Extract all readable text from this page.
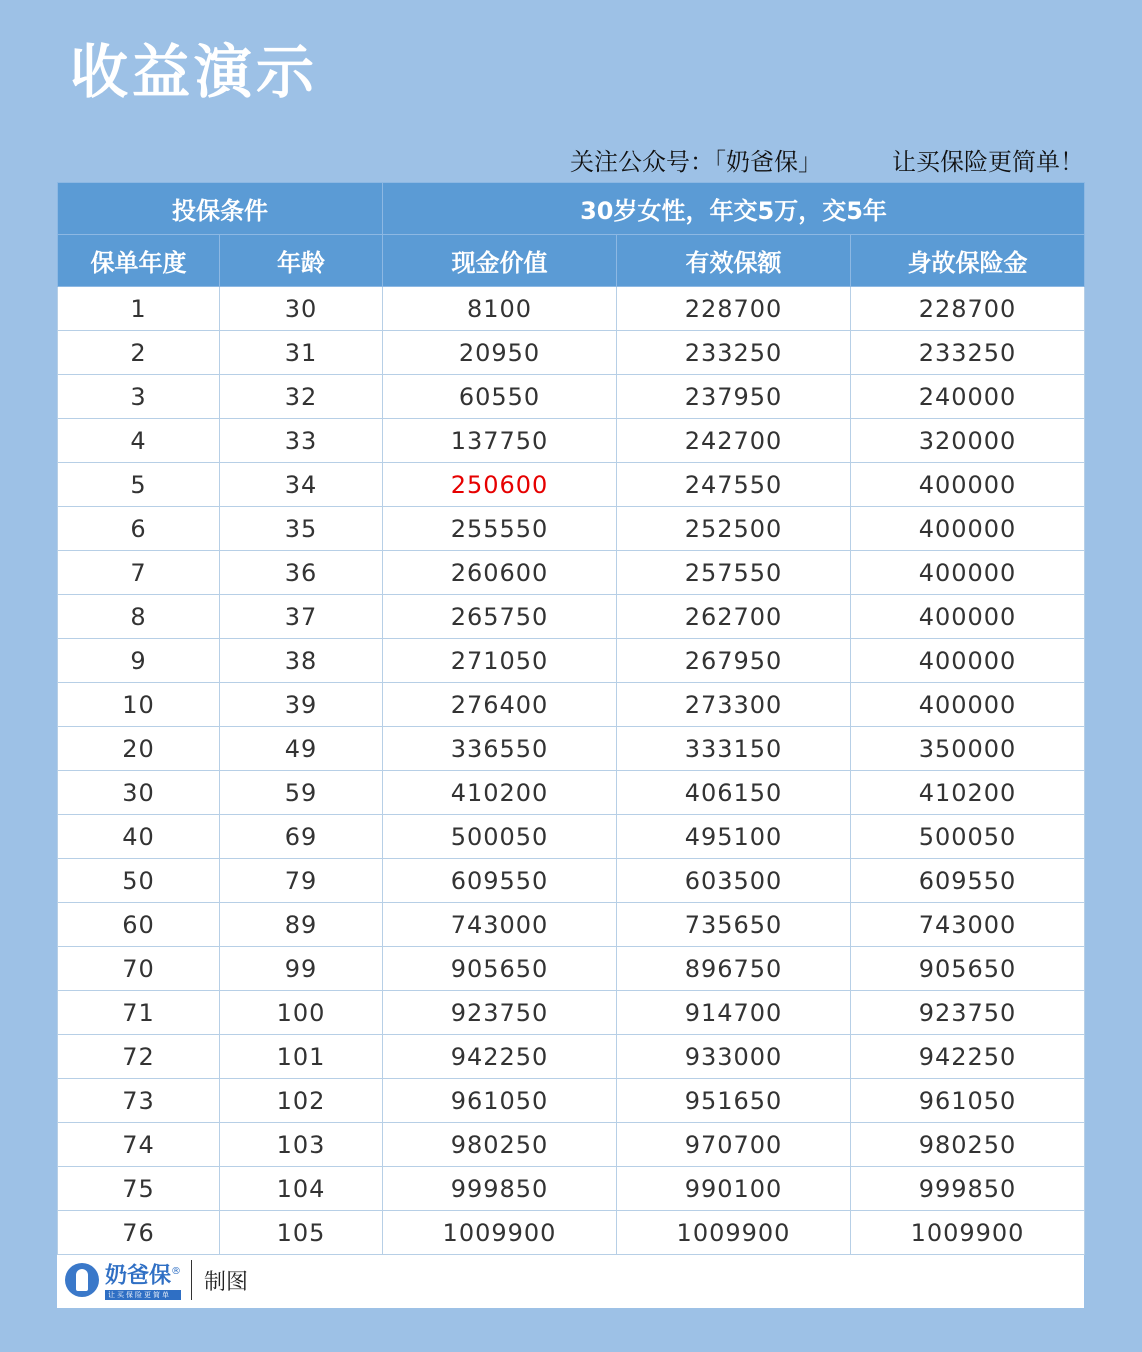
收益演示
关注公众号：「奶爸保」	让买保险更简单！
投保条件		30岁女性，年交5万，交5年		
保单年度	年龄	现金价值	有效保额	身故保险金
1	30	8100	228700	228700
2	31	20950	233250	233250
3	32	60550	237950	240000
4	33	137750	242700	320000
5	34	250600	247550	400000
6	35	255550	252500	400000
7	36	260600	257550	400000
8	37	265750	262700	400000
9	38	271050	267950	400000
10	39	276400	273300	400000
20	49	336550	333150	350000
30	59	410200	406150	410200
40	69	500050	495100	500050
50	79	609550	603500	609550
60	89	743000	735650	743000
70	99	905650	896750	905650
71	100	923750	914700	923750
72	101	942250	933000	942250
73	102	961050	951650	961050
74	103	980250	970700	980250
75	104	999850	990100	999850
76	105	1009900	1009900	1009900
奶爸保®
让买保险更简单
制图
